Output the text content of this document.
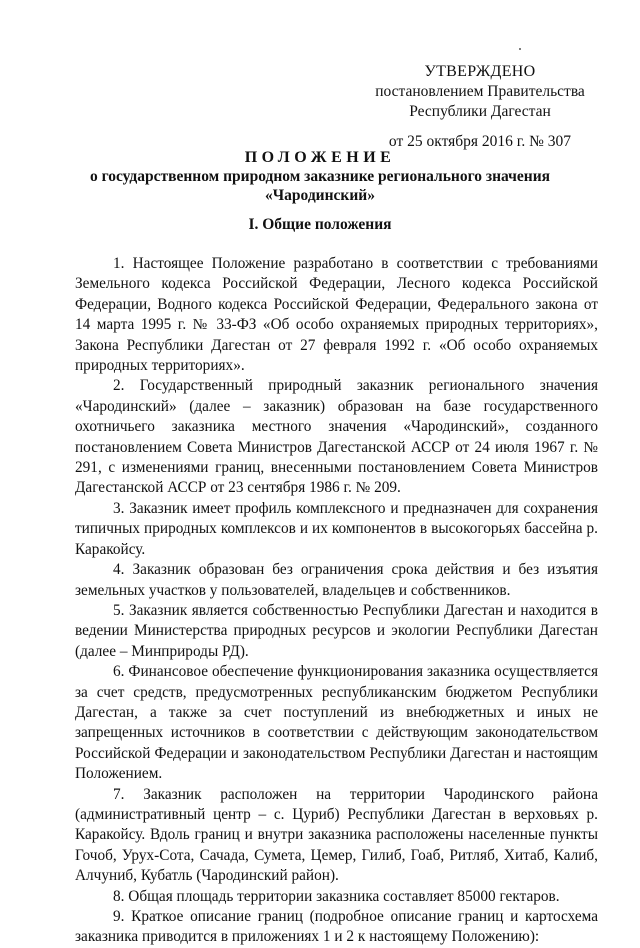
УТВЕРЖДЕНО
постановлением Правительства
Республики Дагестан
от 25 октября 2016 г. № 307
ПОЛОЖЕНИЕ
о государственном природном заказнике регионального значения
«Чародинский»
I. Общие положения

1. Настоящее Положение разработано в соответствии с требованиями Земельного кодекса Российской Федерации, Лесного кодекса Российской Федерации, Водного кодекса Российской Федерации, Федерального закона от 14 марта 1995 г. № 33-ФЗ «Об особо охраняемых природных территориях», Закона Республики Дагестан от 27 февраля 1992 г. «Об особо охраняемых природных территориях».

2. Государственный природный заказник регионального значения «Чародинский» (далее – заказник) образован на базе государственного охотничьего заказника местного значения «Чародинский», созданного постановлением Совета Министров Дагестанской АССР от 24 июля 1967 г. № 291, с изменениями границ, внесенными постановлением Совета Министров Дагестанской АССР от 23 сентября 1986 г. № 209.

3. Заказник имеет профиль комплексного и предназначен для сохранения типичных природных комплексов и их компонентов в высокогорьях бассейна р. Каракойсу.

4. Заказник образован без ограничения срока действия и без изъятия земельных участков у пользователей, владельцев и собственников.

5. Заказник является собственностью Республики Дагестан и находится в ведении Министерства природных ресурсов и экологии Республики Дагестан (далее – Минприроды РД).

6. Финансовое обеспечение функционирования заказника осуществляется за счет средств, предусмотренных республиканским бюджетом Республики Дагестан, а также за счет поступлений из внебюджетных и иных не запрещенных источников в соответствии с действующим законодательством Российской Федерации и законодательством Республики Дагестан и настоящим Положением.

7. Заказник расположен на территории Чародинского района (административный центр – с. Цуриб) Республики Дагестан в верховьях р. Каракойсу. Вдоль границ и внутри заказника расположены населенные пункты Гочоб, Урух-Сота, Сачада, Сумета, Цемер, Гилиб, Гоаб, Ритляб, Хитаб, Калиб, Алчуниб, Кубатль (Чародинский район).

8. Общая площадь территории заказника составляет 85000 гектаров.

9. Краткое описание границ (подробное описание границ и картосхема заказника приводится в приложениях 1 и 2 к настоящему Положению):
